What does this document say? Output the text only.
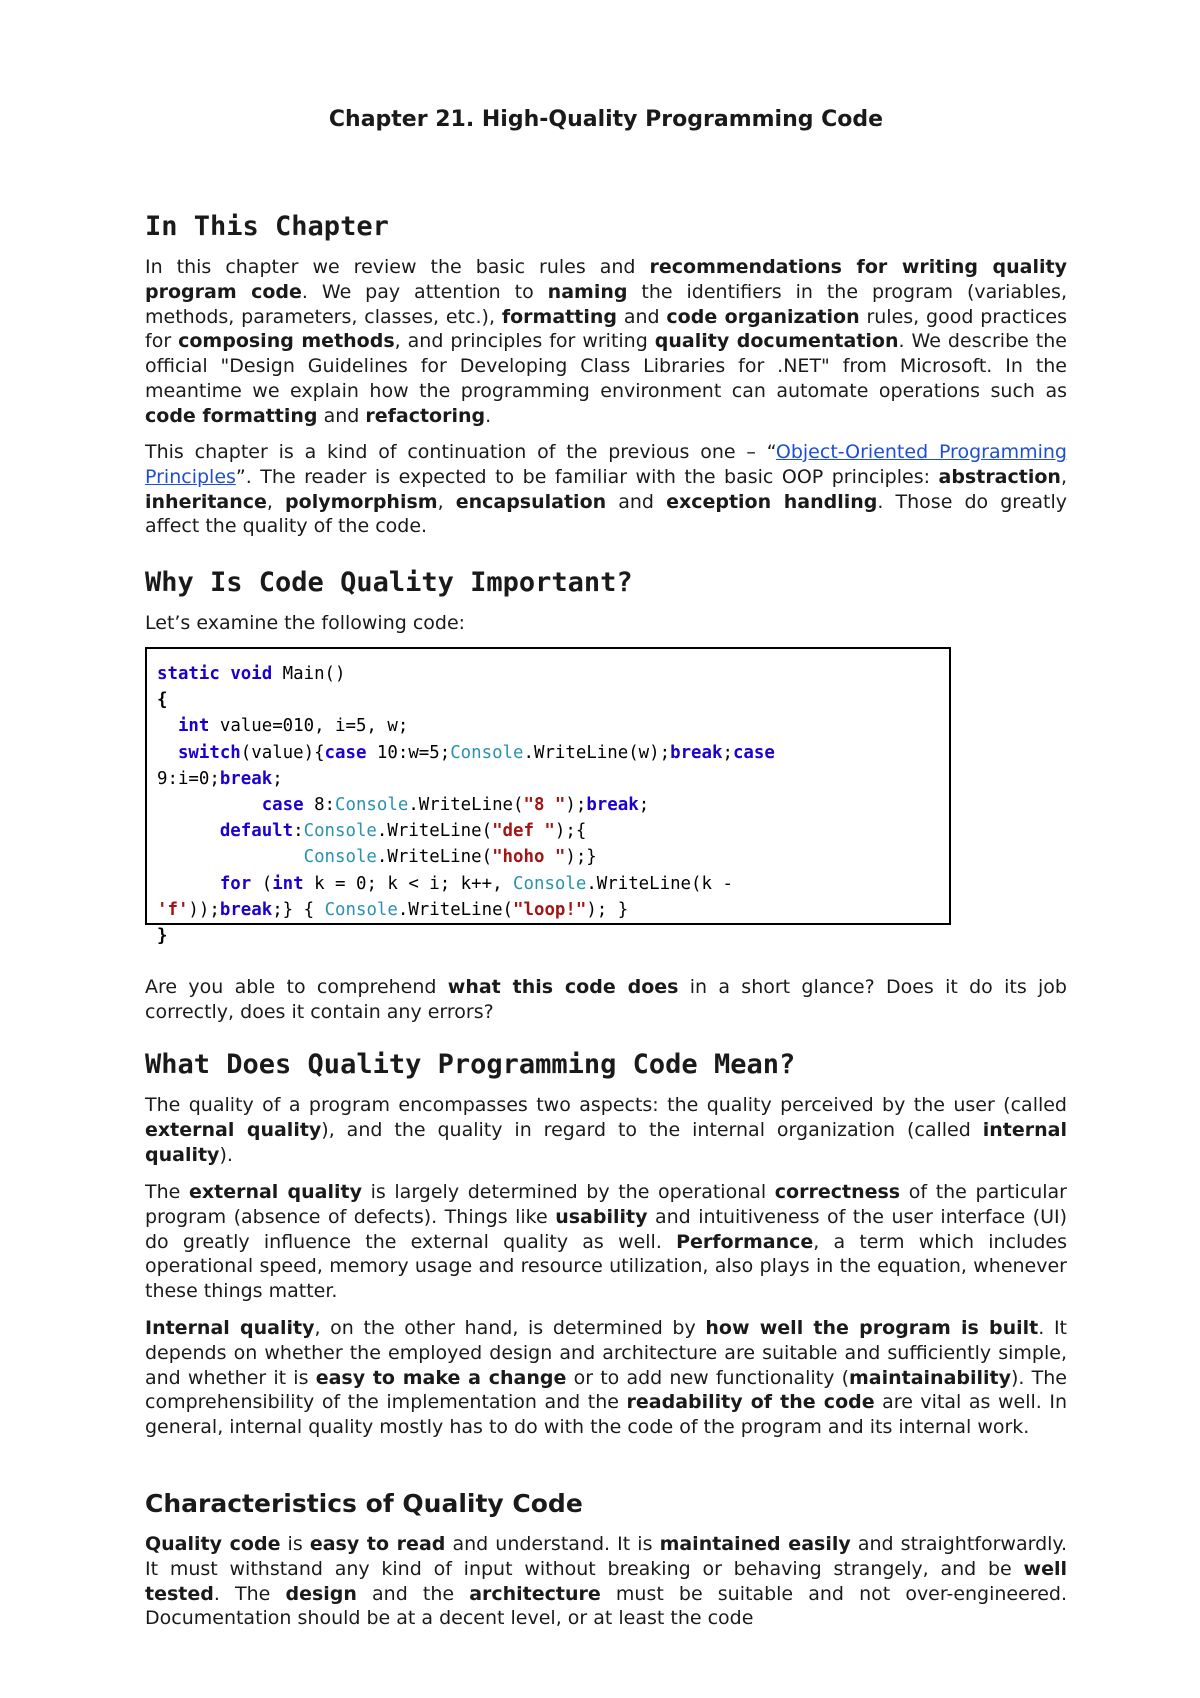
Chapter 21. High-Quality Programming Code
In This Chapter

In this chapter we review the basic rules and recommendations for writing quality program code. We pay attention to naming the identifiers in the program (variables, methods, parameters, classes, etc.), formatting and code organization rules, good practices for composing methods, and principles for writing quality documentation. We describe the official "Design Guidelines for Developing Class Libraries for .NET" from Microsoft. In the meantime we explain how the programming environment can automate operations such as code formatting and refactoring.

This chapter is a kind of continuation of the previous one – “Object-Oriented Programming Principles”. The reader is expected to be familiar with the basic OOP principles: abstraction, inheritance, polymorphism, encapsulation and exception handling. Those do greatly affect the quality of the code.

Why Is Code Quality Important?

Let’s examine the following code:

static void Main()
{
int value=010, i=5, w;
switch(value){case 10:w=5;Console.WriteLine(w);break;case
9:i=0;break;
case 8:Console.WriteLine("8 ");break;
default:Console.WriteLine("def ");{
Console.WriteLine("hoho ");}
for (int k = 0; k < i; k++, Console.WriteLine(k -
'f'));break;} { Console.WriteLine("loop!"); }
}

Are you able to comprehend what this code does in a short glance? Does it do its job correctly, does it contain any errors?

What Does Quality Programming Code Mean?

The quality of a program encompasses two aspects: the quality perceived by the user (called external quality), and the quality in regard to the internal organization (called internal quality).

The external quality is largely determined by the operational correctness of the particular program (absence of defects). Things like usability and intuitiveness of the user interface (UI) do greatly influence the external quality as well. Performance, a term which includes operational speed, memory usage and resource utilization, also plays in the equation, whenever these things matter.

Internal quality, on the other hand, is determined by how well the program is built. It depends on whether the employed design and architecture are suitable and sufficiently simple, and whether it is easy to make a change or to add new functionality (maintainability). The comprehensibility of the implementation and the readability of the code are vital as well. In general, internal quality mostly has to do with the code of the program and its internal work.

Characteristics of Quality Code

Quality code is easy to read and understand. It is maintained easily and straightforwardly. It must withstand any kind of input without breaking or behaving strangely, and be well tested. The design and the architecture must be suitable and not over-engineered. Documentation should be at a decent level, or at least the code
